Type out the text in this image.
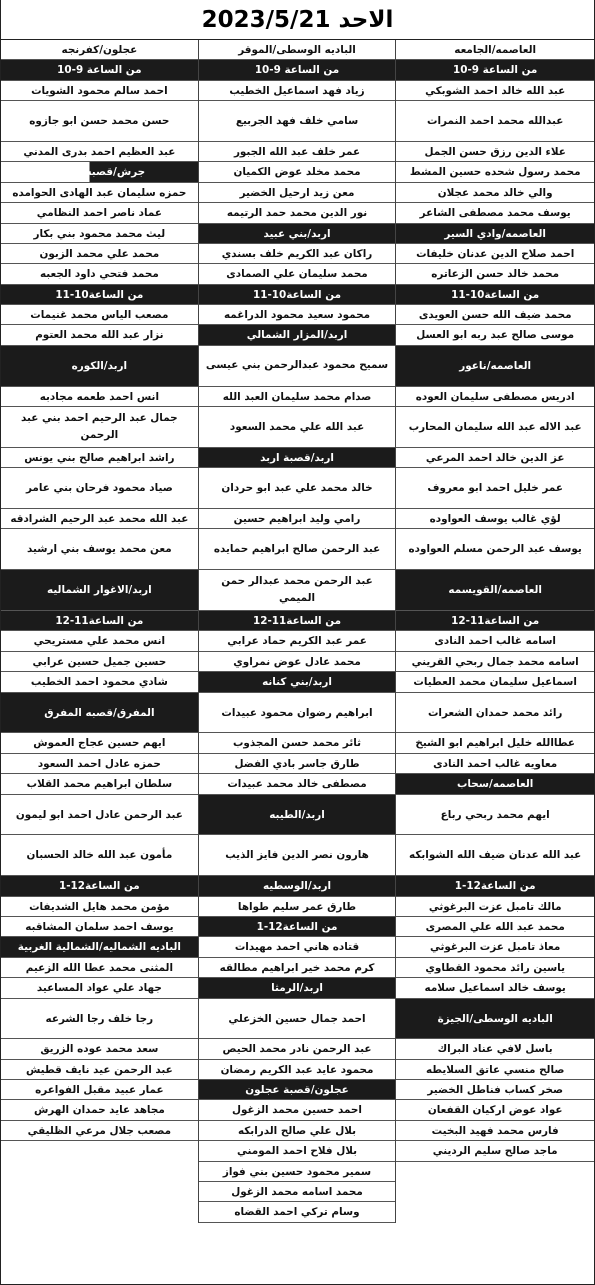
الاحد 2023/5/21
العاصمه/الجامعه
من الساعة 9-10
عبد الله خالد احمد الشوبكي
عبدالله محمد احمد النمرات
علاء الدين رزق حسن الجمل
محمد رسول شحده حسين المشط
والي خالد محمد عجلان
يوسف محمد مصطفى الشاعر
العاصمه/وادي السير
احمد صلاح الدين عدنان خليفات
محمد خالد حسن الزعاتره
من الساعة10-11
محمد ضيف الله حسن العويدى
موسى صالح عبد ربه ابو العسل
العاصمه/ناعور
ادريس مصطفى سليمان العوده
عبد الاله عبد الله سليمان المحارب
عز الدين خالد احمد المرعي
عمر خليل احمد ابو معروف
لؤي غالب يوسف العواوده
يوسف عبد الرحمن مسلم العواوده
العاصمه/القويسمه
من الساعة11-12
اسامه غالب احمد النادى
اسامه محمد جمال ربحي القريني
اسماعيل سليمان محمد العطيات
رائد محمد حمدان الشعرات
عطاالله خليل ابراهيم ابو الشيخ
معاويه غالب احمد النادى
العاصمه/سحاب
ايهم محمد ربحي رباع
عبد الله عدنان ضيف الله الشوابكه
من الساعة12-1
مالك تامبل عزت البرغوثي
محمد عبد الله علي المصرى
معاذ تامبل عزت البرغوثي
ياسين رائد محمود القطاوي
يوسف خالد اسماعيل سلامه
الباديه الوسطى/الجيزة
باسل لافي عناد البراك
صالح منسي عاتق السلايطه
صخر كساب فناطل الخضير
عواد عوض اركيان القفعان
فارس محمد فهيد البخيت
ماجد صالح سليم الرديني
الباديه الوسطى/الموقر
من الساعة 9-10
زياد فهد اسماعيل الخطيب
سامي خلف فهد الجربيع
عمر خلف عبد الله الجبور
محمد مخلد عوض الكميان
معن زيد ارحيل الخضير
نور الدين محمد حمد الرتيمه
اربد/بني عبيد
راكان عبد الكريم خلف بسندي
محمد سليمان علي الصمادى
من الساعة10-11
محمود سعيد محمود الدراغمه
اربد/المزار الشمالي
سميح محمود عبدالرحمن بني عيسى
صدام محمد سليمان العبد الله
عبد الله علي محمد السعود
اربد/قصبة اربد
خالد محمد علي عبد ابو حردان
رامي وليد ابراهيم حسين
عبد الرحمن صالح ابراهيم حمايده
عبد الرحمن محمد عبدالر حمن الميمي
من الساعة11-12
عمر عبد الكريم حماد عرابي
محمد عادل عوض نمراوي
اربد/بني كنانه
ابراهيم رضوان محمود عبيدات
ثائر محمد حسن المجذوب
طارق جاسر بادي الفضل
مصطفى خالد محمد عبيدات
اربد/الطيبه
هارون نصر الدين فايز الذيب
اربد/الوسطيه
طارق عمر سليم طواها
من الساعة12-1
قتاده هاني احمد مهيدات
كرم محمد خير ابراهيم مطالقه
اربد/الرمثا
احمد جمال حسين الخزعلي
عبد الرحمن نادر محمد الحيص
محمود عايد عبد الكريم رمضان
عجلون/قصبة عجلون
احمد حسين محمد الزغول
بلال علي صالح الدرابكه
بلال فلاح احمد المومني
سمير محمود حسين بني فواز
محمد اسامه محمد الزغول
وسام تركي احمد القضاه
عجلون/كفرنجه
من الساعة 9-10
احمد سالم محمود الشويات
حسن محمد حسن ابو جازوه
عبد العظيم احمد بدرى المدني
جرش/قصبه جرش
حمزه سليمان عبد الهادى الحوامده
عماد ناصر احمد النظامي
ليث محمد محمود بني بكار
محمد علي محمد الزبون
محمد فتحي داود الجعبه
من الساعة10-11
مصعب الياس محمد غنيمات
نزار عبد الله محمد العتوم
اربد/الكوره
انس احمد طعمه مجادبه
جمال عبد الرحيم احمد بني عبد الرحمن
راشد ابراهيم صالح بني يونس
صياد محمود فرحان بني عامر
عبد الله محمد عبد الرحيم الشرادقه
معن محمد يوسف بني ارشيد
اربد/الاغوار الشماليه
من الساعة11-12
انس محمد علي مستريحي
حسين جميل حسين عرابي
شادي محمود احمد الخطيب
المفرق/قصبه المفرق
ايهم حسين عجاج العموش
حمزه عادل احمد السعود
سلطان ابراهيم محمد القلاب
عبد الرحمن عادل احمد ابو ليمون
مأمون عبد الله خالد الحسبان
من الساعة12-1
مؤمن محمد هايل الشديفات
يوسف احمد سلمان المشاقبه
الباديه الشماليه/الشمالية الغربية
المثنى محمد عطا الله الزعيم
جهاد علي عواد المساعيد
رجا خلف رجا الشرعه
سعد محمد عوده الزريق
عبد الرحمن عيد نايف قطيش
عمار عبيد مقبل الفواعره
مجاهد عايد حمدان الهرش
مصعب جلال مرعي الظليقي
